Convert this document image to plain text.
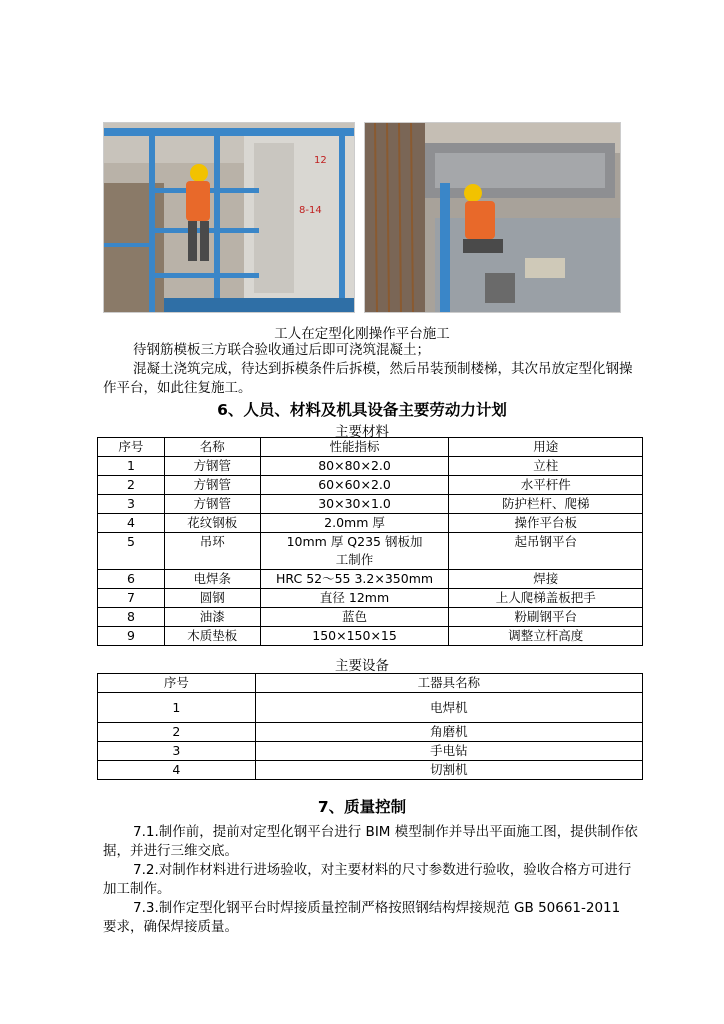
12
8-14
工人在定型化刚操作平台施工
待钢筋模板三方联合验收通过后即可浇筑混凝土；
混凝土浇筑完成，待达到拆模条件后拆模，然后吊装预制楼梯，其次吊放定型化钢操作平台，如此往复施工。
6、人员、材料及机具设备主要劳动力计划
主要材料
序号	名称	性能指标	用途
1	方钢管	80×80×2.0	立柱
2	方钢管	60×60×2.0	水平杆件
3	方钢管	30×30×1.0	防护栏杆、爬梯
4	花纹钢板	2.0mm 厚	操作平台板
5	吊环	10mm 厚 Q235 钢板加工制作	起吊钢平台
6	电焊条	HRC 52～55 3.2×350mm	焊接
7	圆钢	直径 12mm	上人爬梯盖板把手
8	油漆	蓝色	粉刷钢平台
9	木质垫板	150×150×15	调整立杆高度
主要设备
序号	工器具名称
1	电焊机
2	角磨机
3	手电钻
4	切割机
7、质量控制
7.1.制作前，提前对定型化钢平台进行 BIM 模型制作并导出平面施工图，提供制作依据，并进行三维交底。
7.2.对制作材料进行进场验收，对主要材料的尺寸参数进行验收，验收合格方可进行加工制作。
7.3.制作定型化钢平台时焊接质量控制严格按照钢结构焊接规范 GB 50661-2011 要求，确保焊接质量。
